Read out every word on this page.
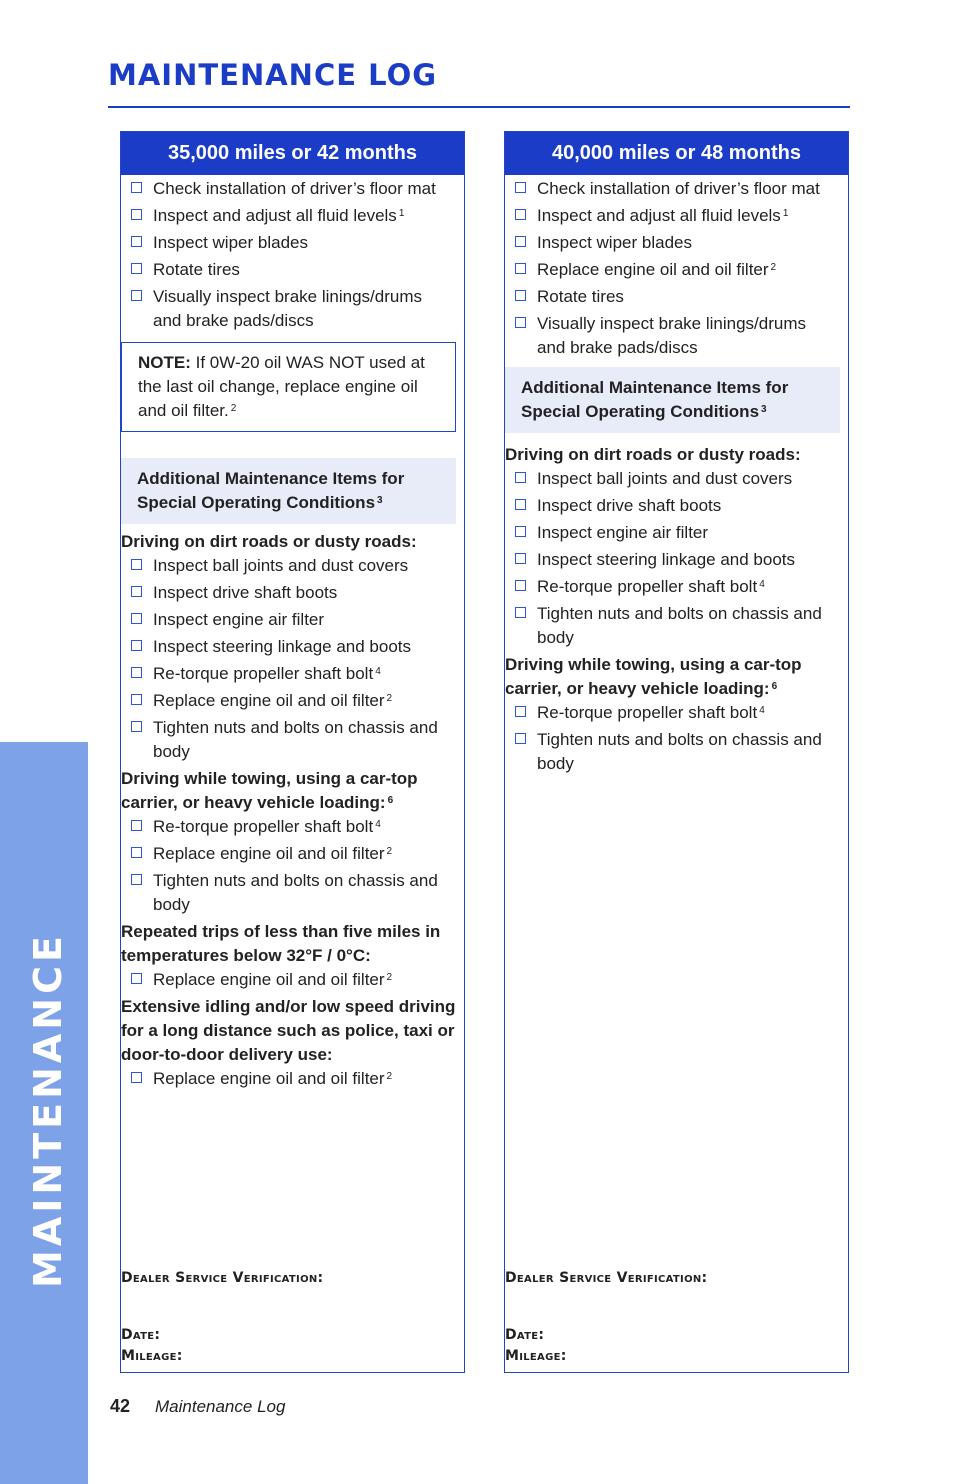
MAINTENANCE
MAINTENANCE LOG
35,000 miles or 42 months
Check installation of driver’s floor mat
Inspect and adjust all fluid levels $^1$
Inspect wiper blades
Rotate tires
Visually inspect brake linings/drums and brake pads/discs
NOTE: If 0W-20 oil WAS NOT used at the last oil change, replace engine oil and oil filter. $^2$
Additional Maintenance Items for Special Operating Conditions $^3$
Driving on dirt roads or dusty roads:
Inspect ball joints and dust covers
Inspect drive shaft boots
Inspect engine air filter
Inspect steering linkage and boots
Re-torque propeller shaft bolt $^4$
Replace engine oil and oil filter $^2$
Tighten nuts and bolts on chassis and body
Driving while towing, using a car-top carrier, or heavy vehicle loading: $^6$
Re-torque propeller shaft bolt $^4$
Replace engine oil and oil filter $^2$
Tighten nuts and bolts on chassis and body
Repeated trips of less than five miles in temperatures below 32°F / 0°C:
Replace engine oil and oil filter $^2$
Extensive idling and/or low speed driving for a long distance such as police, taxi or door-to-door delivery use:
Replace engine oil and oil filter $^2$
Dealer Service Verification:
Date:
Mileage:
40,000 miles or 48 months
Check installation of driver’s floor mat
Inspect and adjust all fluid levels $^1$
Inspect wiper blades
Replace engine oil and oil filter $^2$
Rotate tires
Visually inspect brake linings/drums and brake pads/discs
Additional Maintenance Items for Special Operating Conditions $^3$
Driving on dirt roads or dusty roads:
Inspect ball joints and dust covers
Inspect drive shaft boots
Inspect engine air filter
Inspect steering linkage and boots
Re-torque propeller shaft bolt $^4$
Tighten nuts and bolts on chassis and body
Driving while towing, using a car-top carrier, or heavy vehicle loading: $^6$
Re-torque propeller shaft bolt $^4$
Tighten nuts and bolts on chassis and body
Dealer Service Verification:
Date:
Mileage:
42 Maintenance Log
